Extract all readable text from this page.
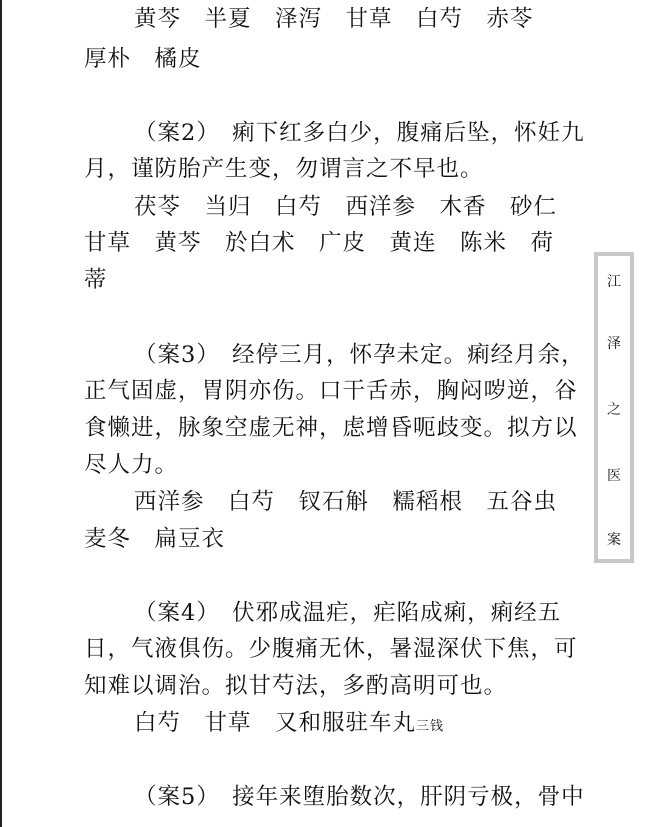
黄芩　半夏　泽泻　甘草　白芍　赤苓
厚朴　橘皮
（案2）　痢下红多白少，腹痛后坠，怀妊九
月，谨防胎产生变，勿谓言之不早也。
茯苓　当归　白芍　西洋参　木香　砂仁
甘草　黄芩　於白术　广皮　黄连　陈米　荷
蒂
（案3）　经停三月，怀孕未定。痢经月余，
正气固虚，胃阴亦伤。口干舌赤，胸闷哕逆，谷
食懒进，脉象空虚无神，虑增昏呃歧变。拟方以
尽人力。
西洋参　白芍　钗石斛　糯稻根　五谷虫
麦冬　扁豆衣
（案4）　伏邪成温疟，疟陷成痢，痢经五
日，气液俱伤。少腹痛无休，暑湿深伏下焦，可
知难以调治。拟甘芍法，多酌高明可也。
白芍　甘草　又和服驻车丸三钱
（案5）　接年来堕胎数次，肝阴亏极，骨中
江
泽
之
医
案
